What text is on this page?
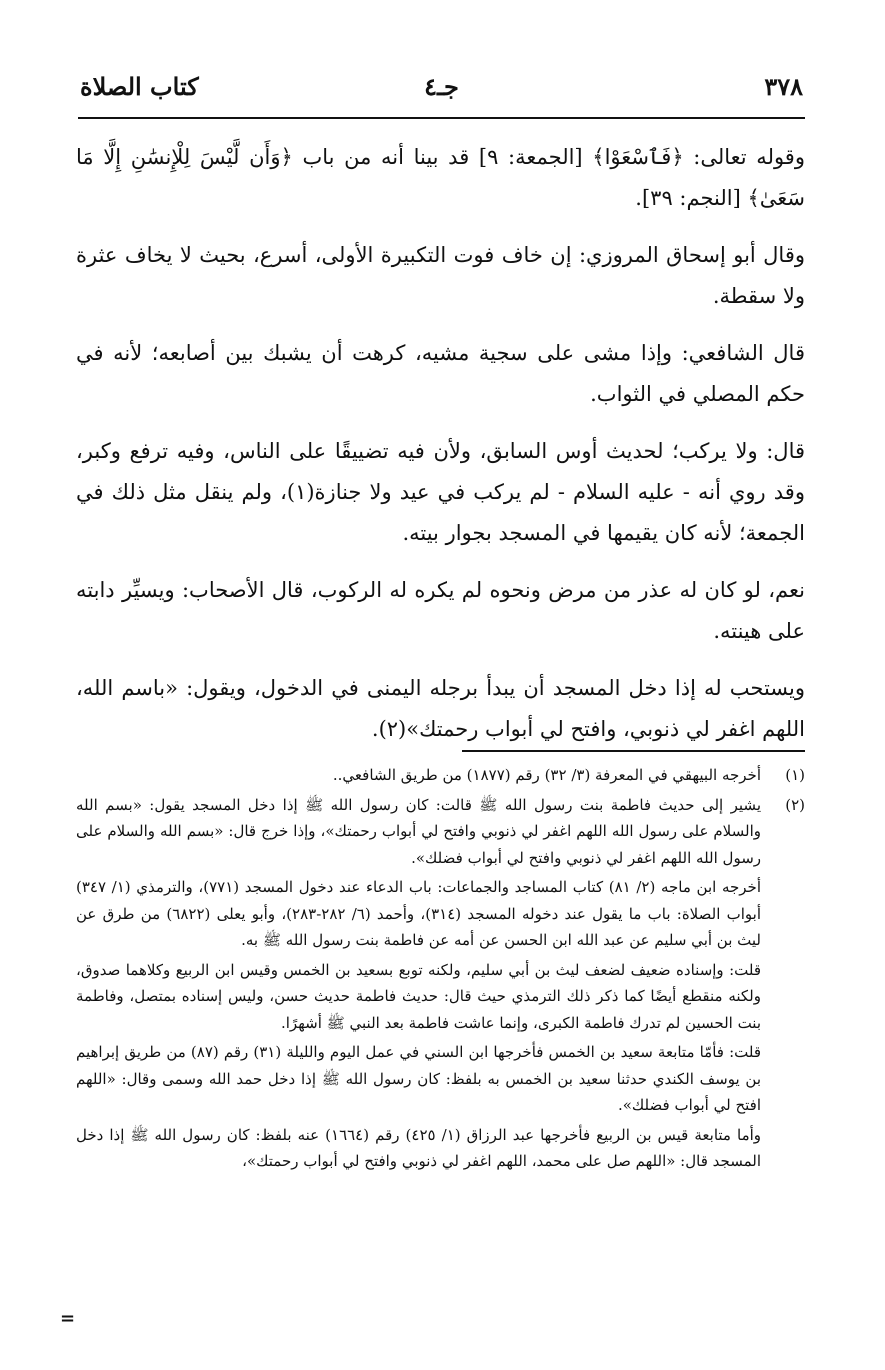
٣٧٨
جـ٤
كتاب الصلاة

وقوله تعالى: ﴿فَٱسْعَوْا﴾ [الجمعة: ٩] قد بينا أنه من باب ﴿وَأَن لَّيْسَ لِلْإِنسَٰنِ إِلَّا مَا سَعَىٰ﴾ [النجم: ٣٩].

وقال أبو إسحاق المروزي: إن خاف فوت التكبيرة الأولى، أسرع، بحيث لا يخاف عثرة ولا سقطة.

قال الشافعي: وإذا مشى على سجية مشيه، كرهت أن يشبك بين أصابعه؛ لأنه في حكم المصلي في الثواب.

قال: ولا يركب؛ لحديث أوس السابق، ولأن فيه تضييقًا على الناس، وفيه ترفع وكبر، وقد روي أنه - عليه السلام - لم يركب في عيد ولا جنازة(١)، ولم ينقل مثل ذلك في الجمعة؛ لأنه كان يقيمها في المسجد بجوار بيته.

نعم، لو كان له عذر من مرض ونحوه لم يكره له الركوب، قال الأصحاب: ويسيِّر دابته على هينته.

ويستحب له إذا دخل المسجد أن يبدأ برجله اليمنى في الدخول، ويقول: «باسم الله، اللهم اغفر لي ذنوبي، وافتح لي أبواب رحمتك»(٢).

(١)

أخرجه البيهقي في المعرفة (٣/ ٣٢) رقم (١٨٧٧) من طريق الشافعي..

(٢)

يشير إلى حديث فاطمة بنت رسول الله ﷺ قالت: كان رسول الله ﷺ إذا دخل المسجد يقول: «بسم الله والسلام على رسول الله اللهم اغفر لي ذنوبي وافتح لي أبواب رحمتك»، وإذا خرج قال: «بسم الله والسلام على رسول الله اللهم اغفر لي ذنوبي وافتح لي أبواب فضلك».

أخرجه ابن ماجه (٢/ ٨١) كتاب المساجد والجماعات: باب الدعاء عند دخول المسجد (٧٧١)، والترمذي (١/ ٣٤٧) أبواب الصلاة: باب ما يقول عند دخوله المسجد (٣١٤)، وأحمد (٦/ ٢٨٢-٢٨٣)، وأبو يعلى (٦٨٢٢) من طرق عن ليث بن أبي سليم عن عبد الله ابن الحسن عن أمه عن فاطمة بنت رسول الله ﷺ به.

قلت: وإسناده ضعيف لضعف ليث بن أبي سليم، ولكنه توبع بسعيد بن الخمس وقيس ابن الربيع وكلاهما صدوق، ولكنه منقطع أيضًا كما ذكر ذلك الترمذي حيث قال: حديث فاطمة حديث حسن، وليس إسناده بمتصل، وفاطمة بنت الحسين لم تدرك فاطمة الكبرى، وإنما عاشت فاطمة بعد النبي ﷺ أشهرًا.

قلت: فأمّا متابعة سعيد بن الخمس فأخرجها ابن السني في عمل اليوم والليلة (٣١) رقم (٨٧) من طريق إبراهيم بن يوسف الكندي حدثنا سعيد بن الخمس به بلفظ: كان رسول الله ﷺ إذا دخل حمد الله وسمى وقال: «اللهم افتح لي أبواب فضلك».

وأما متابعة قيس بن الربيع فأخرجها عبد الرزاق (١/ ٤٢٥) رقم (١٦٦٤) عنه بلفظ: كان رسول الله ﷺ إذا دخل المسجد قال: «اللهم صل على محمد، اللهم اغفر لي ذنوبي وافتح لي أبواب رحمتك»،

=
